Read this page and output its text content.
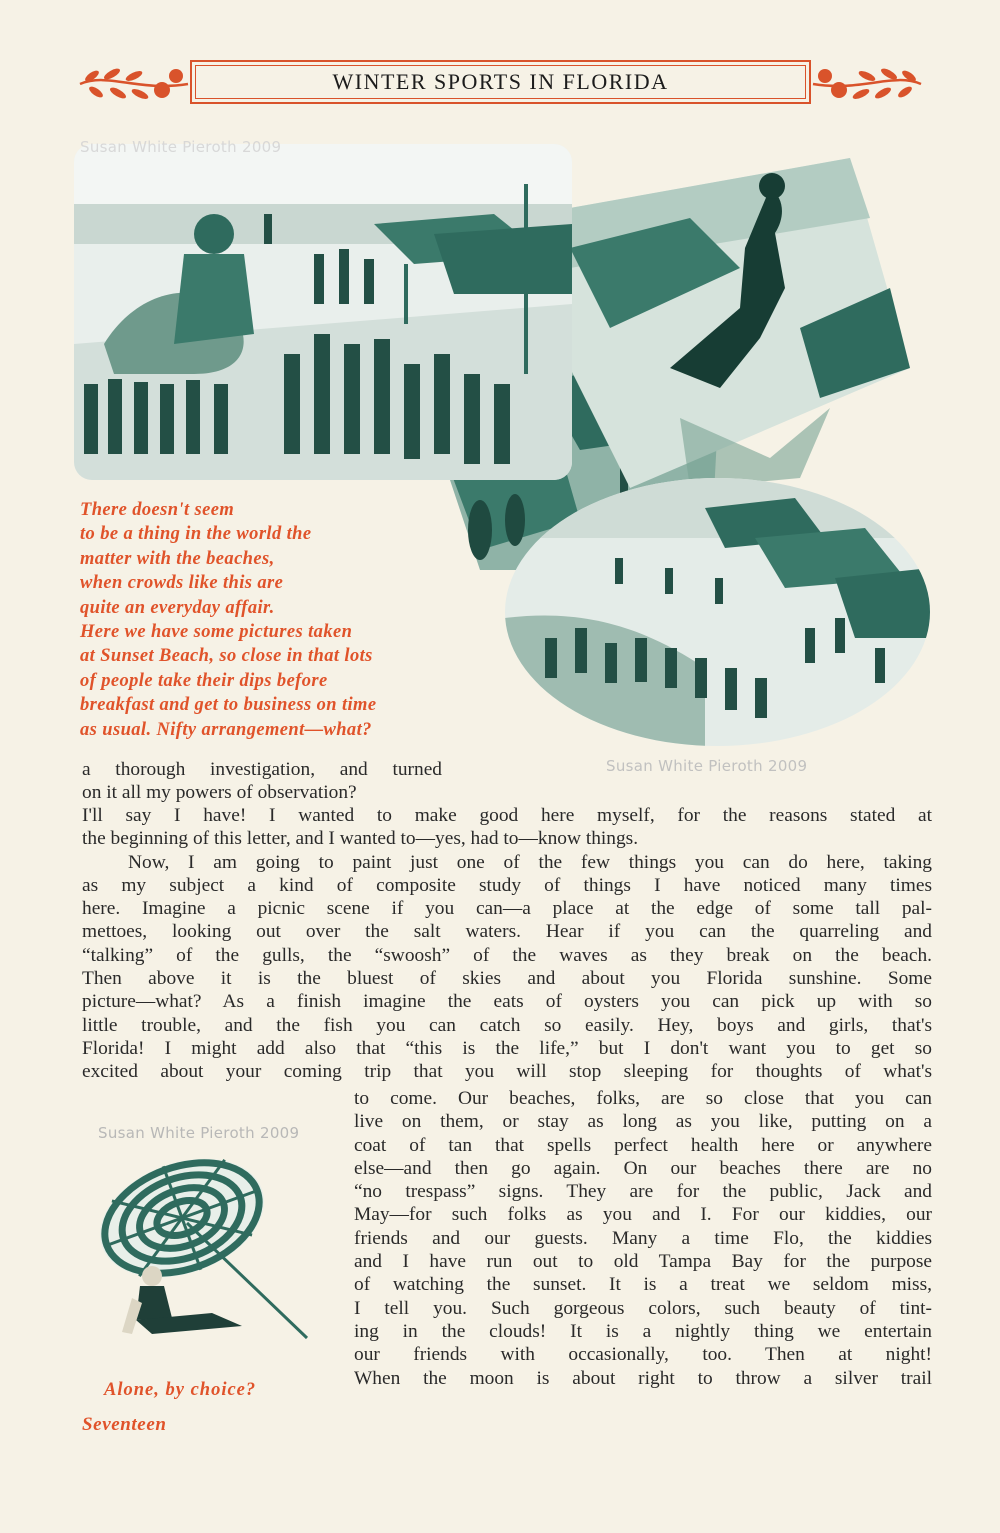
WINTER SPORTS IN FLORIDA
Susan White Pieroth 2009
Susan White Pieroth 2009
There doesn't seem
to be a thing in the world the
matter with the beaches,
when crowds like this are
quite an everyday affair.
Here we have some pictures taken
at Sunset Beach, so close in that lots
of people take their dips before
breakfast and get to business on time
as usual. Nifty arrangement—what?
a thorough investigation, and turned
on it all my powers of observation?
I'll say I have! I wanted to make good here myself, for the reasons stated at
the beginning of this letter, and I wanted to—yes, had to—know things.
Now, I am going to paint just one of the few things you can do here, taking
as my subject a kind of composite study of things I have noticed many times
here. Imagine a picnic scene if you can—a place at the edge of some tall pal-
mettoes, looking out over the salt waters. Hear if you can the quarreling and
“talking” of the gulls, the “swoosh” of the waves as they break on the beach.
Then above it is the bluest of skies and about you Florida sunshine. Some
picture—what? As a finish imagine the eats of oysters you can pick up with so
little trouble, and the fish you can catch so easily. Hey, boys and girls, that's
Florida! I might add also that “this is the life,” but I don't want you to get so
excited about your coming trip that you will stop sleeping for thoughts of what's
to come. Our beaches, folks, are so close that you can
live on them, or stay as long as you like, putting on a
coat of tan that spells perfect health here or anywhere
else—and then go again. On our beaches there are no
“no trespass” signs. They are for the public, Jack and
May—for such folks as you and I. For our kiddies, our
friends and our guests. Many a time Flo, the kiddies
and I have run out to old Tampa Bay for the purpose
of watching the sunset. It is a treat we seldom miss,
I tell you. Such gorgeous colors, such beauty of tint-
ing in the clouds! It is a nightly thing we entertain
our friends with occasionally, too. Then at night!
When the moon is about right to throw a silver trail
Susan White Pieroth 2009
Alone, by choice?
Seventeen
